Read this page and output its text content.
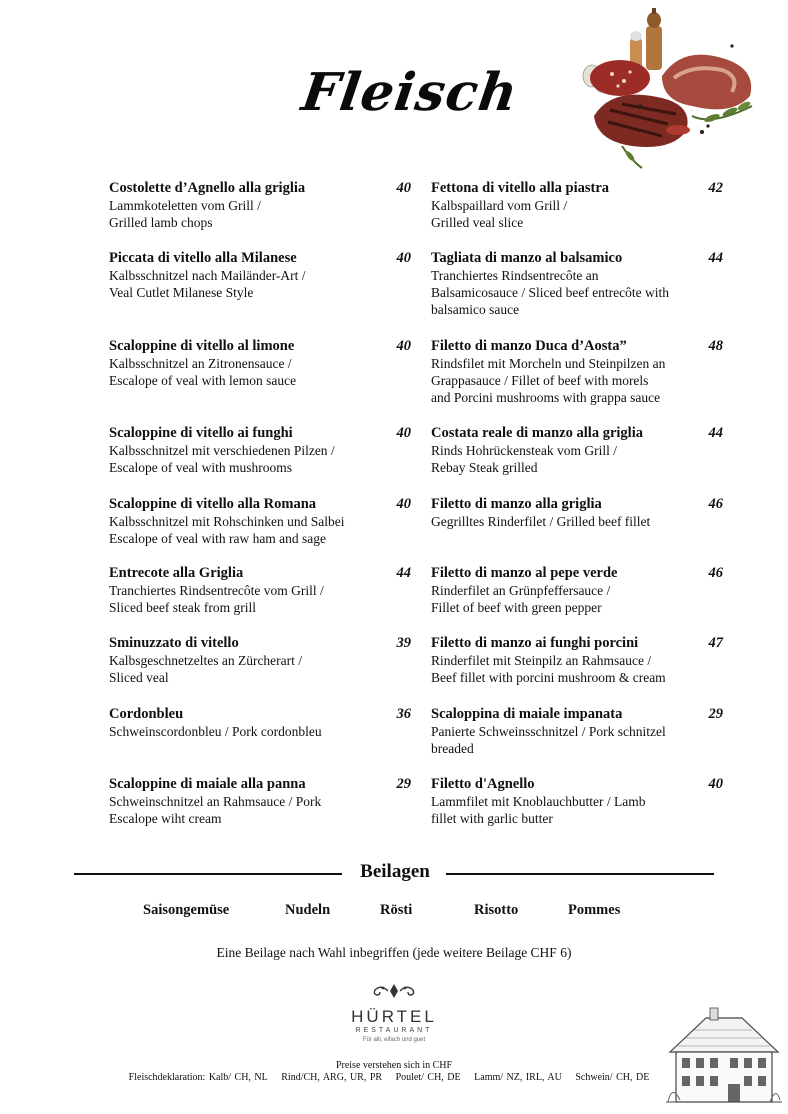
Fleisch
Costolette d’Agnello alla griglia	40
Lammkoteletten vom Grill /
Grilled lamb chops
Piccata di vitello alla Milanese	40
Kalbsschnitzel nach Mailänder-Art /
Veal Cutlet Milanese Style
Scaloppine di vitello al limone	40
Kalbsschnitzel an Zitronensauce /
Escalope of veal with lemon sauce
Scaloppine di vitello ai funghi	40
Kalbsschnitzel mit verschiedenen Pilzen /
Escalope of veal with mushrooms
Scaloppine di vitello alla Romana	40
Kalbsschnitzel mit Rohschinken und Salbei
Escalope of veal with raw ham and sage
Entrecote alla Griglia	44
Tranchiertes Rindsentrecôte vom Grill /
Sliced beef steak from grill
Sminuzzato di vitello	39
Kalbsgeschnetzeltes an Zürcherart /
Sliced veal
Cordonbleu	36
Schweinscordonbleu / Pork cordonbleu
Scaloppine di maiale alla panna	29
Schweinschnitzel an Rahmsauce / Pork
Escalope wiht cream
Fettona di vitello alla piastra	42
Kalbspaillard vom Grill /
Grilled veal slice
Tagliata di manzo al balsamico	44
Tranchiertes Rindsentrecôte an
Balsamicosauce / Sliced beef entrecôte with
balsamico sauce
Filetto di manzo Duca d’Aosta”	48
Rindsfilet mit Morcheln und Steinpilzen an
Grappasauce / Fillet of beef with morels
and Porcini mushrooms with grappa sauce
Costata reale di manzo alla griglia	44
Rinds Hohrückensteak vom Grill /
Rebay Steak grilled
Filetto di manzo alla griglia	46
Gegrilltes Rinderfilet / Grilled beef fillet
Filetto di manzo al pepe verde	46
Rinderfilet an Grünpfeffersauce /
Fillet of beef with green pepper
Filetto di manzo ai funghi porcini	47
Rinderfilet mit Steinpilz an Rahmsauce /
Beef fillet with porcini mushroom & cream
Scaloppina di maiale impanata	29
Panierte Schweinsschnitzel / Pork schnitzel
breaded
Filetto d'Agnello	40
Lammfilet mit Knoblauchbutter / Lamb
fillet with garlic butter
Beilagen
Saisongemüse	Nudeln	Rösti	Risotto	Pommes
Eine Beilage nach Wahl inbegriffen (jede weitere Beilage CHF 6)
HÜRTEL
RESTAURANT
Für alli, eifach und guet
Preise verstehen sich in CHF
Fleischdeklaration: Kalb/ CH, NL Rind/CH, ARG, UR, PR Poulet/ CH, DE Lamm/ NZ, IRL, AU Schwein/ CH, DE
